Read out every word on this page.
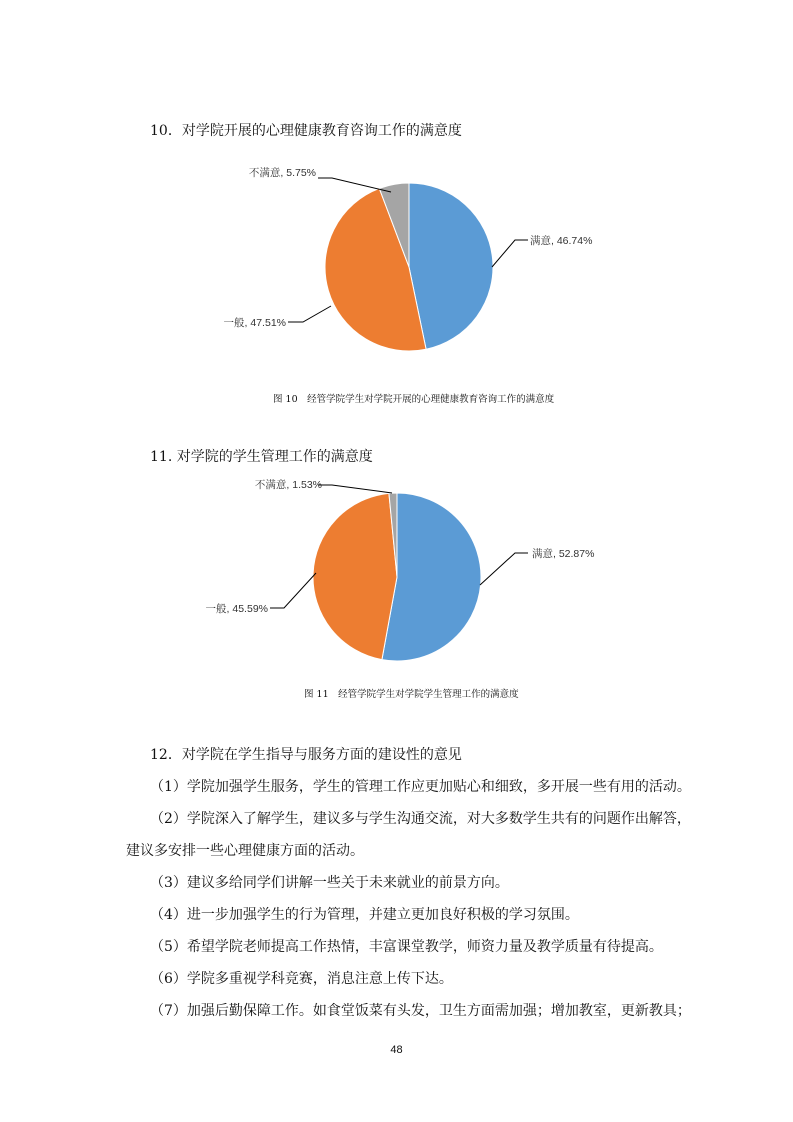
10．对学院开展的心理健康教育咨询工作的满意度
满意, 46.74%
一般, 47.51%
不满意, 5.75%
图 10　经管学院学生对学院开展的心理健康教育咨询工作的满意度
11. 对学院的学生管理工作的满意度
满意, 52.87%
一般, 45.59%
不满意, 1.53%
图 11　经管学院学生对学院学生管理工作的满意度
12．对学院在学生指导与服务方面的建设性的意见
（1）学院加强学生服务，学生的管理工作应更加贴心和细致，多开展一些有用的活动。
（2）学院深入了解学生，建议多与学生沟通交流，对大多数学生共有的问题作出解答，
建议多安排一些心理健康方面的活动。
（3）建议多给同学们讲解一些关于未来就业的前景方向。
（4）进一步加强学生的行为管理，并建立更加良好积极的学习氛围。
（5）希望学院老师提高工作热情，丰富课堂教学，师资力量及教学质量有待提高。
（6）学院多重视学科竞赛，消息注意上传下达。
（7）加强后勤保障工作。如食堂饭菜有头发，卫生方面需加强；增加教室，更新教具；
48
